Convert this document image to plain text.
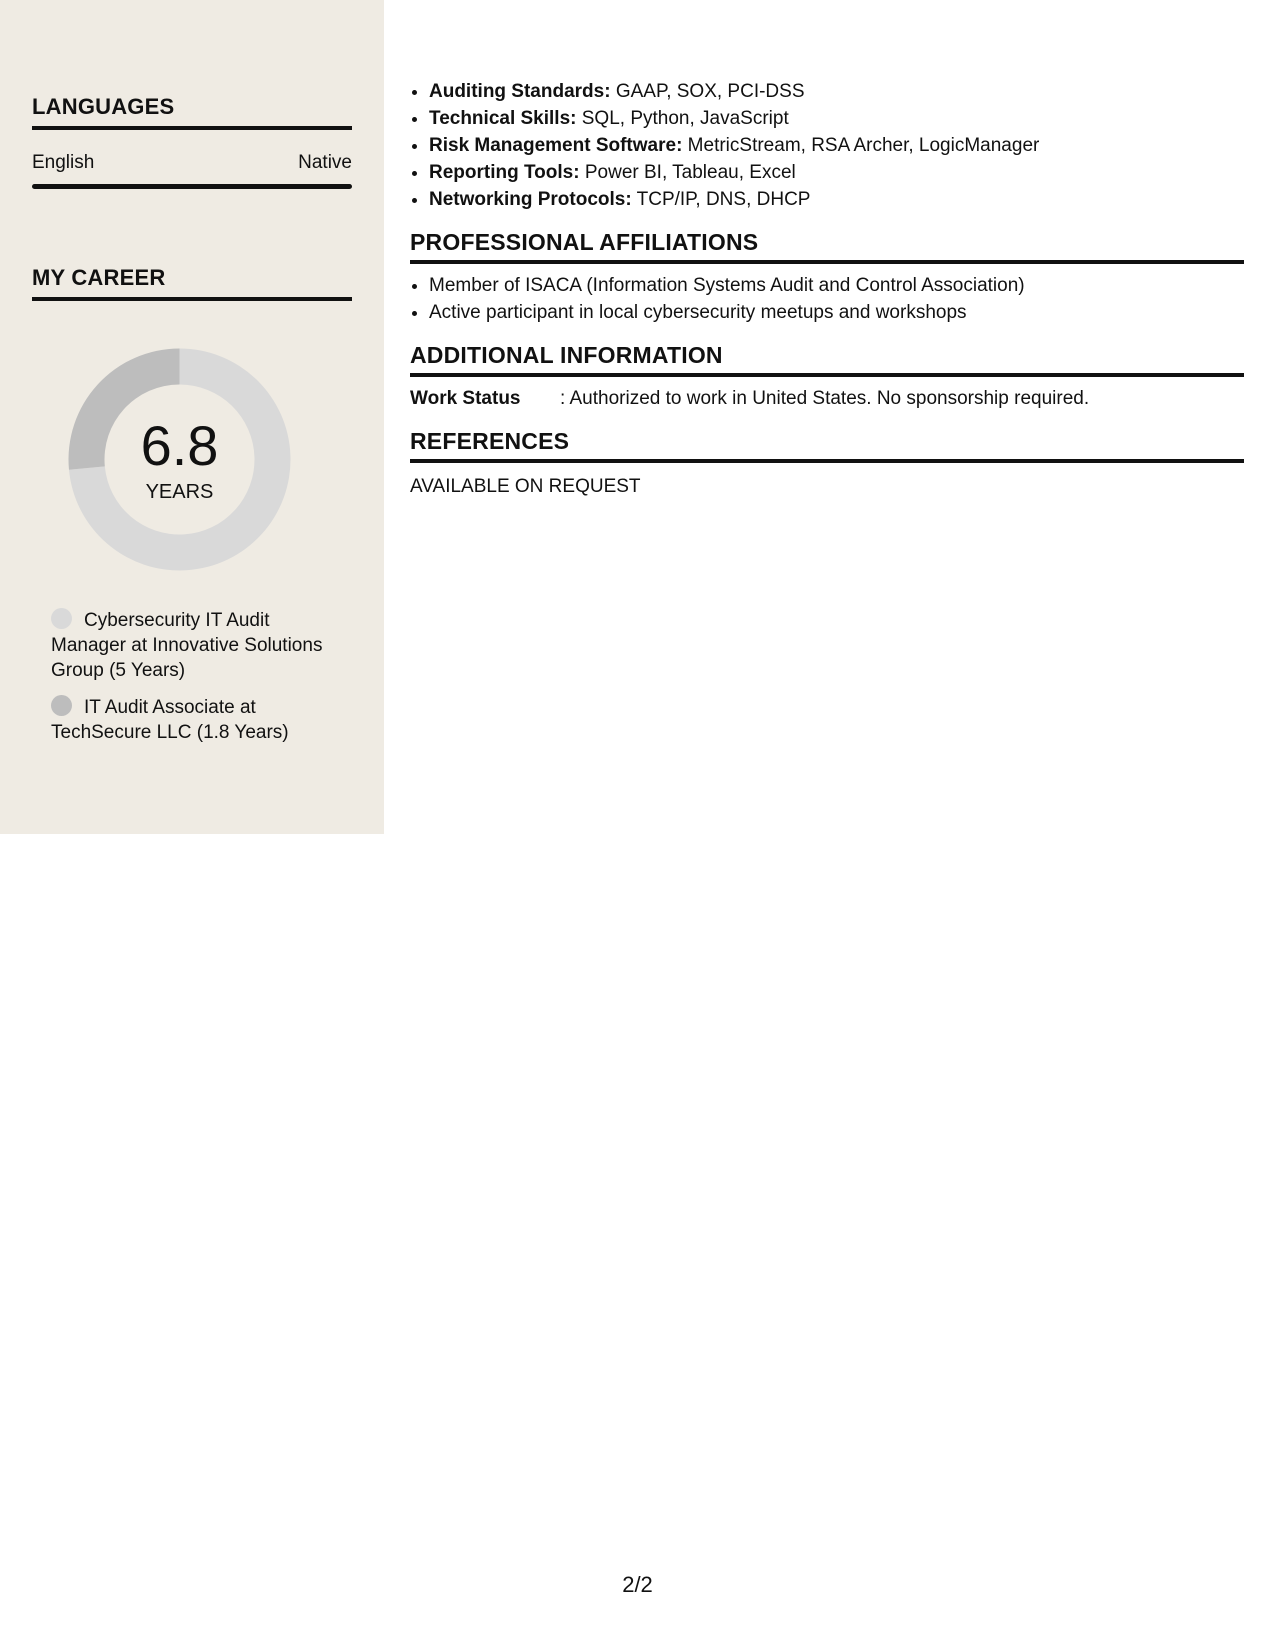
LANGUAGES
English	Native
MY CAREER
6.8
YEARS
Cybersecurity IT Audit Manager at Innovative Solutions Group (5 Years)
IT Audit Associate at TechSecure LLC (1.8 Years)
• Auditing Standards: GAAP, SOX, PCI-DSS
• Technical Skills: SQL, Python, JavaScript
• Risk Management Software: MetricStream, RSA Archer, LogicManager
• Reporting Tools: Power BI, Tableau, Excel
• Networking Protocols: TCP/IP, DNS, DHCP
PROFESSIONAL AFFILIATIONS
• Member of ISACA (Information Systems Audit and Control Association)
• Active participant in local cybersecurity meetups and workshops
ADDITIONAL INFORMATION
Work Status	: Authorized to work in United States. No sponsorship required.
REFERENCES
AVAILABLE ON REQUEST
2/2
